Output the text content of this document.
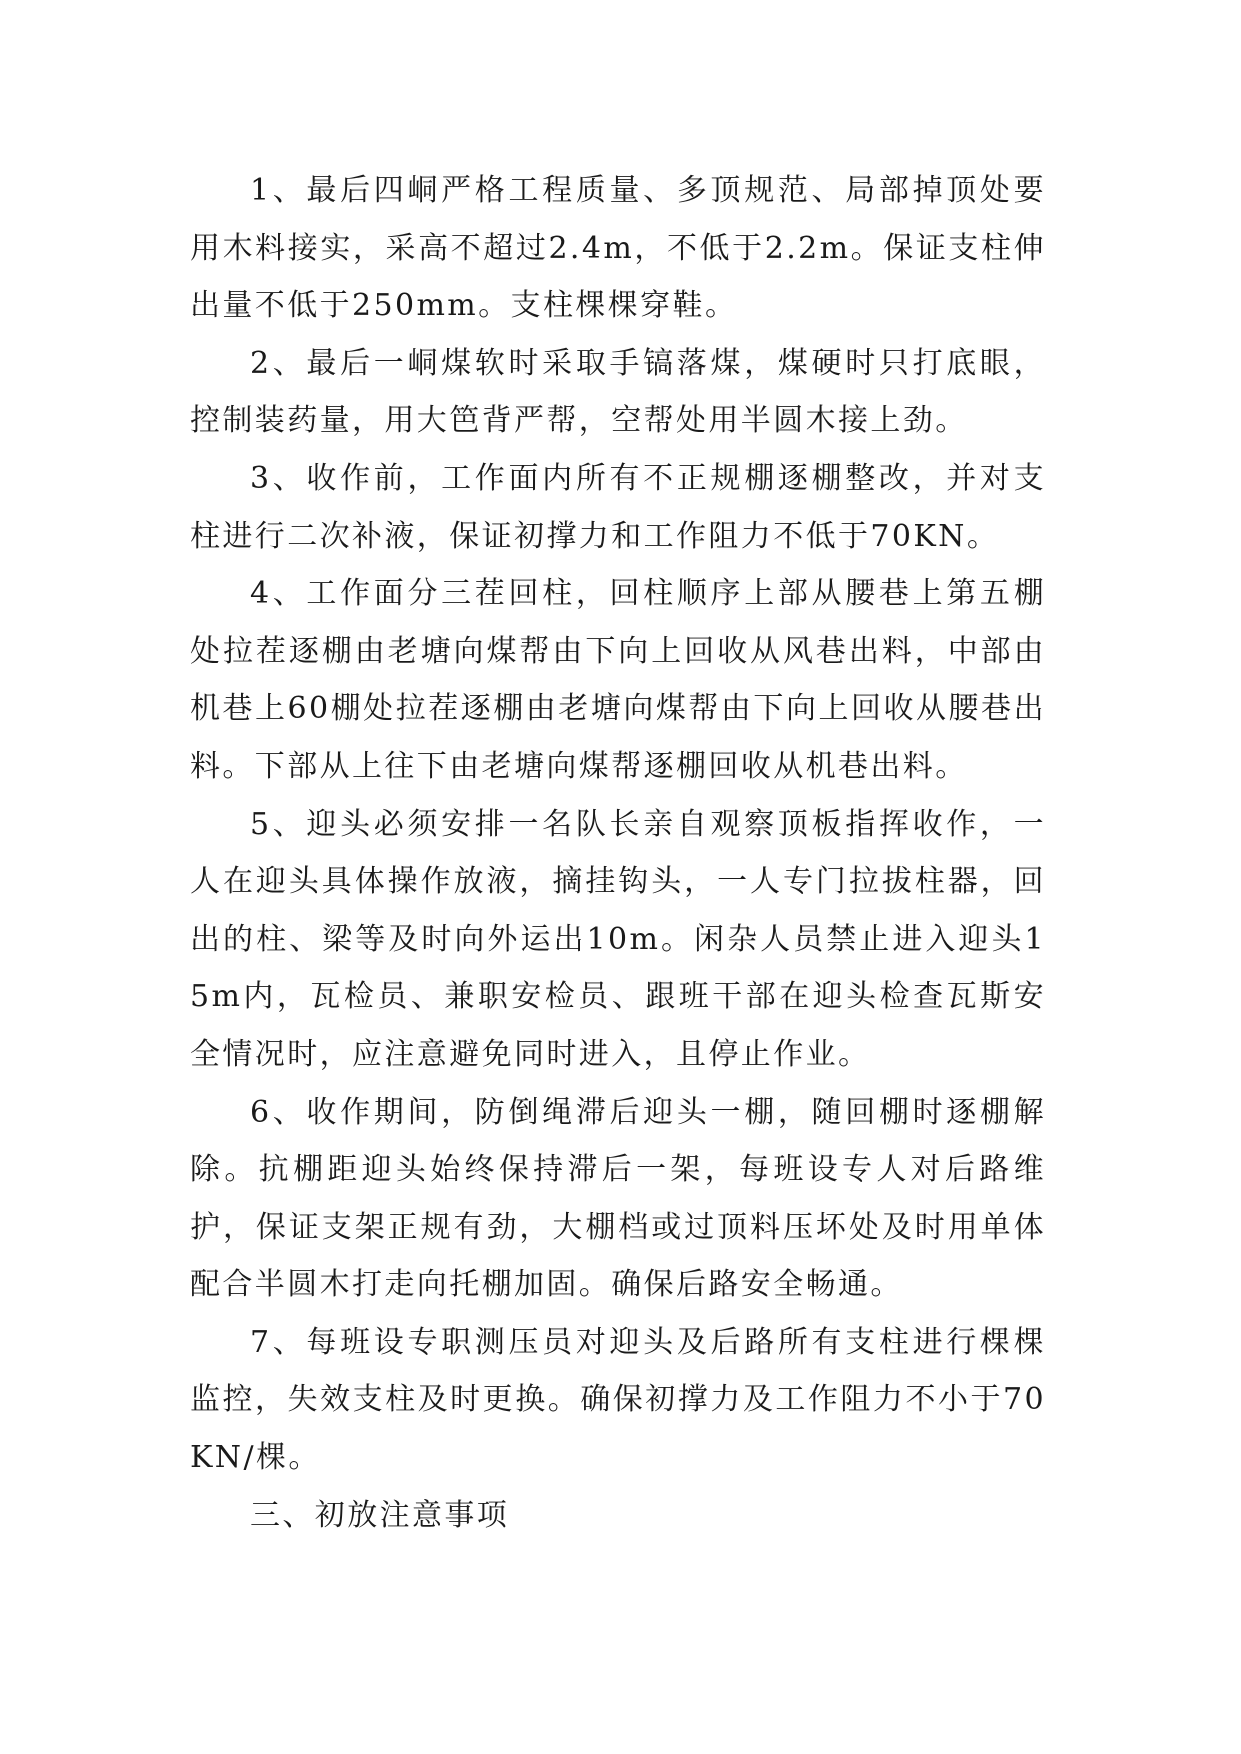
1、最后四峒严格工程质量、多顶规范、局部掉顶处要用木料接实，采高不超过2.4m，不低于2.2m。保证支柱伸出量不低于250mm。支柱棵棵穿鞋。

2、最后一峒煤软时采取手镐落煤，煤硬时只打底眼，控制装药量，用大笆背严帮，空帮处用半圆木接上劲。

3、收作前，工作面内所有不正规棚逐棚整改，并对支柱进行二次补液，保证初撑力和工作阻力不低于70KN。

4、工作面分三茬回柱，回柱顺序上部从腰巷上第五棚处拉茬逐棚由老塘向煤帮由下向上回收从风巷出料，中部由机巷上60棚处拉茬逐棚由老塘向煤帮由下向上回收从腰巷出料。下部从上往下由老塘向煤帮逐棚回收从机巷出料。

5、迎头必须安排一名队长亲自观察顶板指挥收作，一人在迎头具体操作放液，摘挂钩头，一人专门拉拔柱器，回出的柱、梁等及时向外运出10m。闲杂人员禁止进入迎头15m内，瓦检员、兼职安检员、跟班干部在迎头检查瓦斯安全情况时，应注意避免同时进入，且停止作业。

6、收作期间，防倒绳滞后迎头一棚，随回棚时逐棚解除。抗棚距迎头始终保持滞后一架，每班设专人对后路维护，保证支架正规有劲，大棚档或过顶料压坏处及时用单体配合半圆木打走向托棚加固。确保后路安全畅通。

7、每班设专职测压员对迎头及后路所有支柱进行棵棵监控，失效支柱及时更换。确保初撑力及工作阻力不小于70KN/棵。

三、初放注意事项
